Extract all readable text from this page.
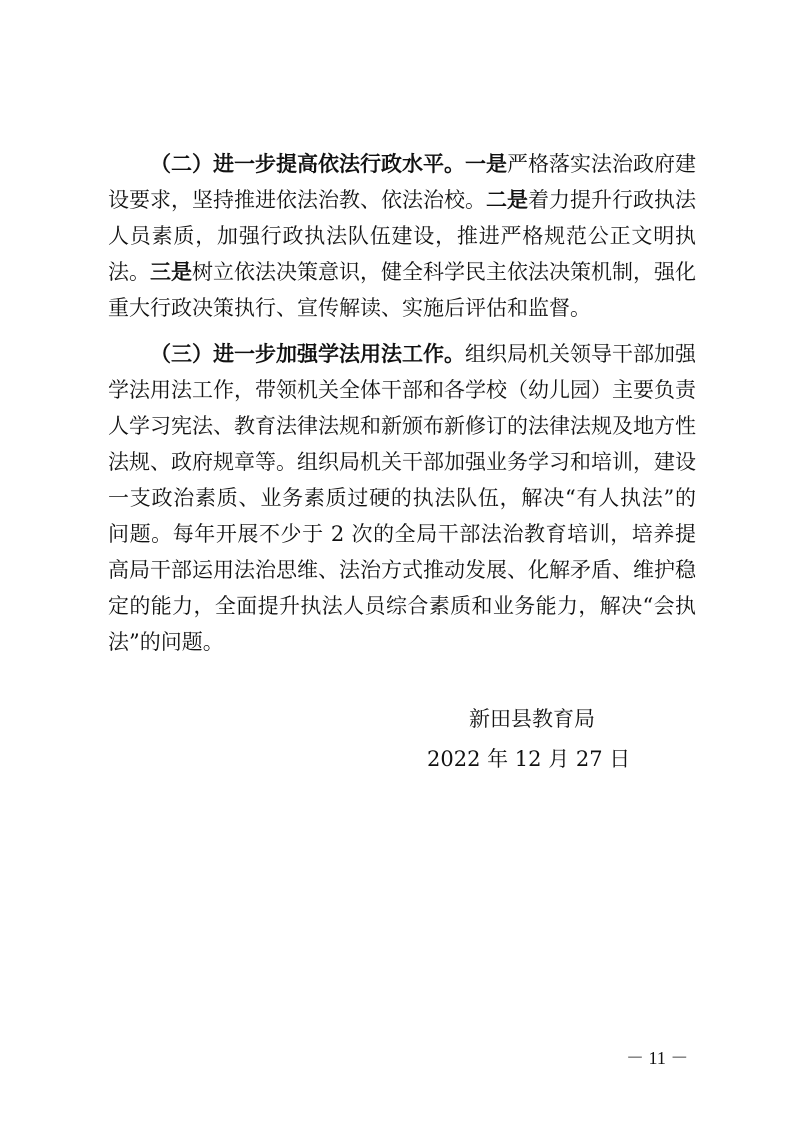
（二）进一步提高依法行政水平。一是严格落实法治政府建设要求，坚持推进依法治教、依法治校。二是着力提升行政执法人员素质，加强行政执法队伍建设，推进严格规范公正文明执法。三是树立依法决策意识，健全科学民主依法决策机制，强化重大行政决策执行、宣传解读、实施后评估和监督。

（三）进一步加强学法用法工作。组织局机关领导干部加强学法用法工作，带领机关全体干部和各学校（幼儿园）主要负责人学习宪法、教育法律法规和新颁布新修订的法律法规及地方性法规、政府规章等。组织局机关干部加强业务学习和培训，建设一支政治素质、业务素质过硬的执法队伍，解决“有人执法”的问题。每年开展不少于 2 次的全局干部法治教育培训，培养提高局干部运用法治思维、法治方式推动发展、化解矛盾、维护稳定的能力，全面提升执法人员综合素质和业务能力，解决“会执法”的问题。

新田县教育局
2022 年 12 月 27 日
－ 11 －
